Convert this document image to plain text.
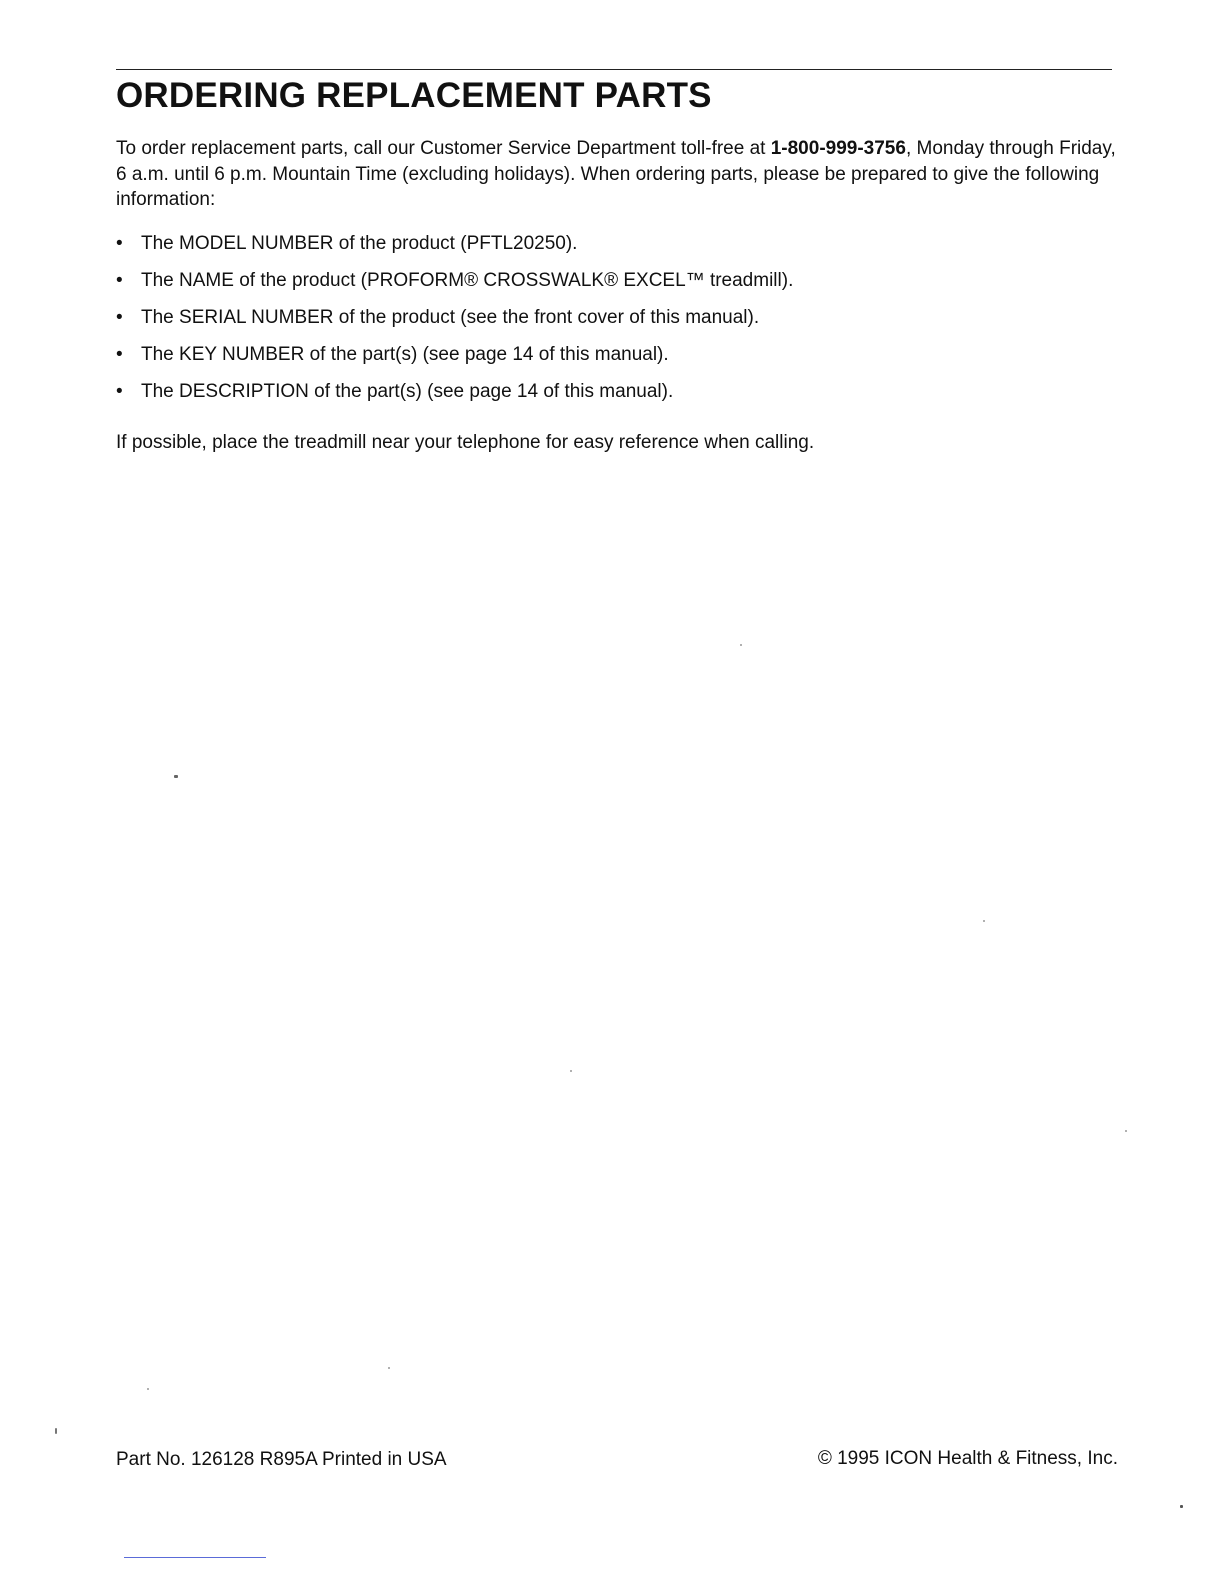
ORDERING REPLACEMENT PARTS

To order replacement parts, call our Customer Service Department toll-free at 1-800-999-3756, Monday through Friday, 6 a.m. until 6 p.m. Mountain Time (excluding holidays). When ordering parts, please be prepared to give the following information:

• The MODEL NUMBER of the product (PFTL20250).
• The NAME of the product (PROFORM® CROSSWALK® EXCEL™ treadmill).
• The SERIAL NUMBER of the product (see the front cover of this manual).
• The KEY NUMBER of the part(s) (see page 14 of this manual).
• The DESCRIPTION of the part(s) (see page 14 of this manual).

If possible, place the treadmill near your telephone for easy reference when calling.

Part No. 126128 R895A Printed in USA	© 1995 ICON Health & Fitness, Inc.
